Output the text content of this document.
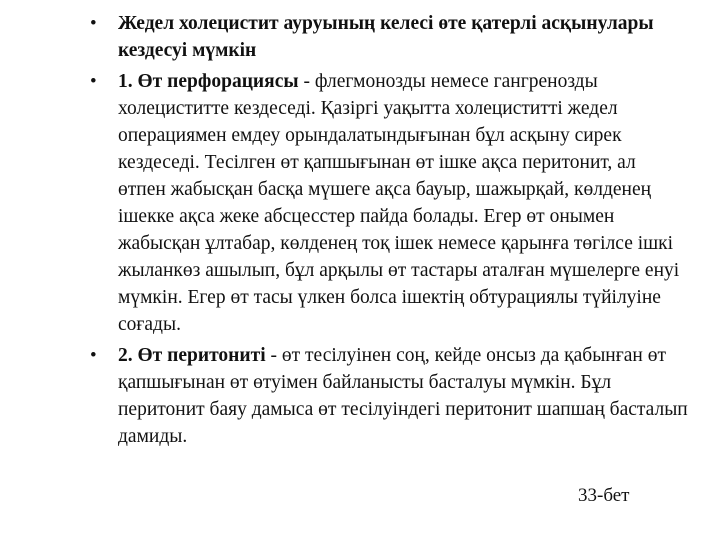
• Жедел холецистит ауруының келесі өте қатерлі асқынулары кездесуі мүмкін
• 1. Өт перфорациясы - флегмонозды немесе гангренозды холециститте кездеседі. Қазіргі уақытта холециститті жедел операциямен емдеу орындалатындығынан бұл асқыну сирек кездеседі. Тесілген өт қапшығынан өт ішке ақса перитонит, ал өтпен жабысқан басқа мүшеге ақса бауыр, шажырқай, көлденең ішекке ақса жеке абсцесстер пайда болады. Егер өт онымен жабысқан ұлтабар, көлденең тоқ ішек немесе қарынға төгілсе ішкі жыланкөз ашылып, бұл арқылы өт тастары аталған мүшелерге енуі мүмкін. Егер өт тасы үлкен болса ішектің обтурациялы түйілуіне соғады.
• 2. Өт перитониті - өт тесілуінен соң, кейде онсыз да қабынған өт қапшығынан өт өтуімен байланысты басталуы мүмкін. Бұл перитонит баяу дамыса өт тесілуіндегі перитонит шапшаң басталып дамиды.
33-бет
